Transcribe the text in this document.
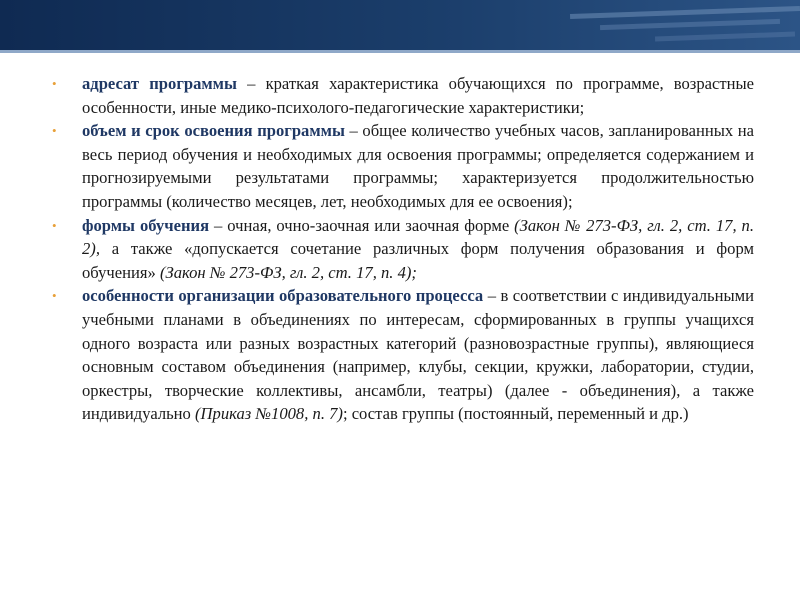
• адресат программы – краткая характеристика обучающихся по программе, возрастные особенности, иные медико-психолого-педагогические характеристики;
• объем и срок освоения программы – общее количество учебных часов, запланированных на весь период обучения и необходимых для освоения программы; определяется содержанием и прогнозируемыми результатами программы; характеризуется продолжительностью программы (количество месяцев, лет, необходимых для ее освоения);
• формы обучения – очная, очно-заочная или заочная форме (Закон № 273-ФЗ, гл. 2, ст. 17, п. 2), а также «допускается сочетание различных форм получения образования и форм обучения» (Закон № 273-ФЗ, гл. 2, ст. 17, п. 4);
• особенности организации образовательного процесса – в соответствии с индивидуальными учебными планами в объединениях по интересам, сформированных в группы учащихся одного возраста или разных возрастных категорий (разновозрастные группы), являющиеся основным составом объединения (например, клубы, секции, кружки, лаборатории, студии, оркестры, творческие коллективы, ансамбли, театры) (далее - объединения), а также индивидуально (Приказ №1008, п. 7); состав группы (постоянный, переменный и др.)
